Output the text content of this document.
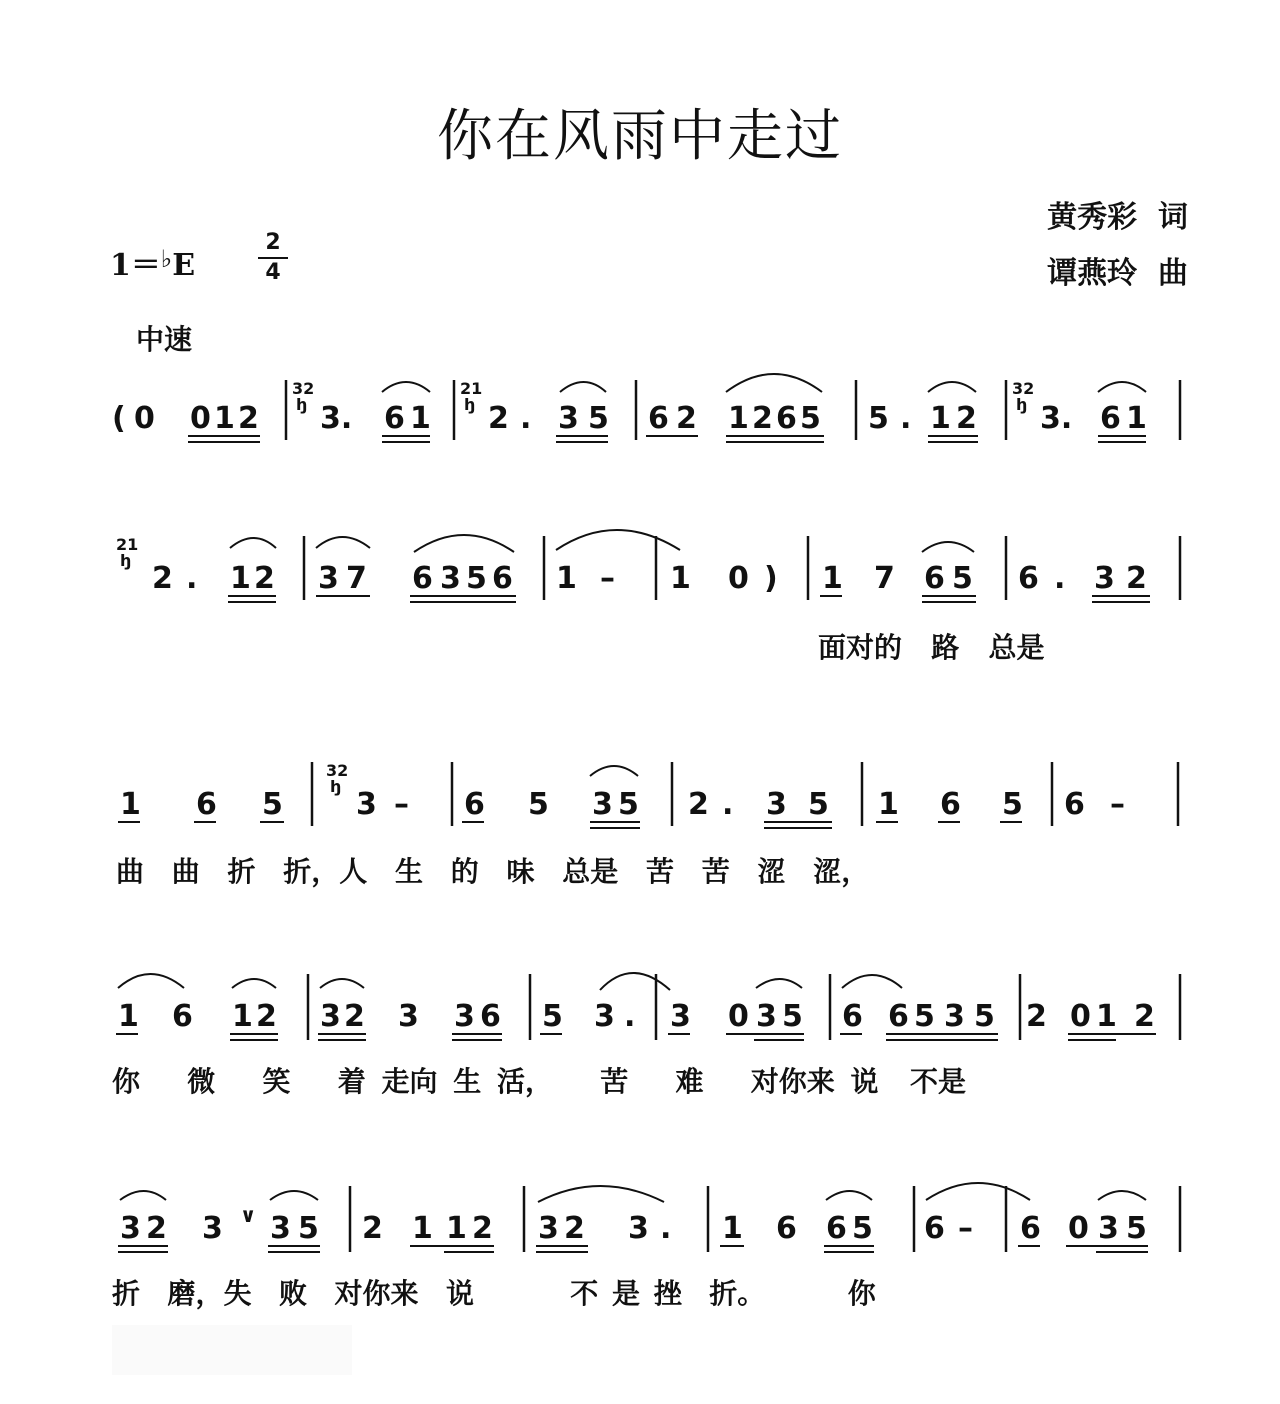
你在风雨中走过
黄秀彩  词
谭燕玲  曲
1＝♭E
2
4
中速
( 0 0 1 2
32
ꜧ 3. 6 1
21
ꜧ 2 . 3 5 6 2 1 2 6 5 5 . 1 2
32
ꜧ 3. 6 1
21
ꜧ
2 . 1 2 3 7 6 3 5 6 1 – 1 0 ) 1 7 6 5 6 . 3 2
1 6 5
32
ꜧ
3 – 6 5 3 5 2 . 3 5 1 6 5 6 –
1 6 1 2 3 2 3 3 6 5 3 . 3 0 3 5 6 6 5 3 5 2 0 1 2
3 2 3 ∨ 3 5 2 1 1 2 3 2 3 . 1 6 6 5 6 – 6 0 3 5
面对的   路   总是
曲 曲 折 折，人 生 的 味 总是 苦 苦 涩 涩，
你   微   笑   着 走向 生 活，   苦   难   对你来 说  不是
折  磨，失  败  对你来  说       不 是 挫  折。      你
